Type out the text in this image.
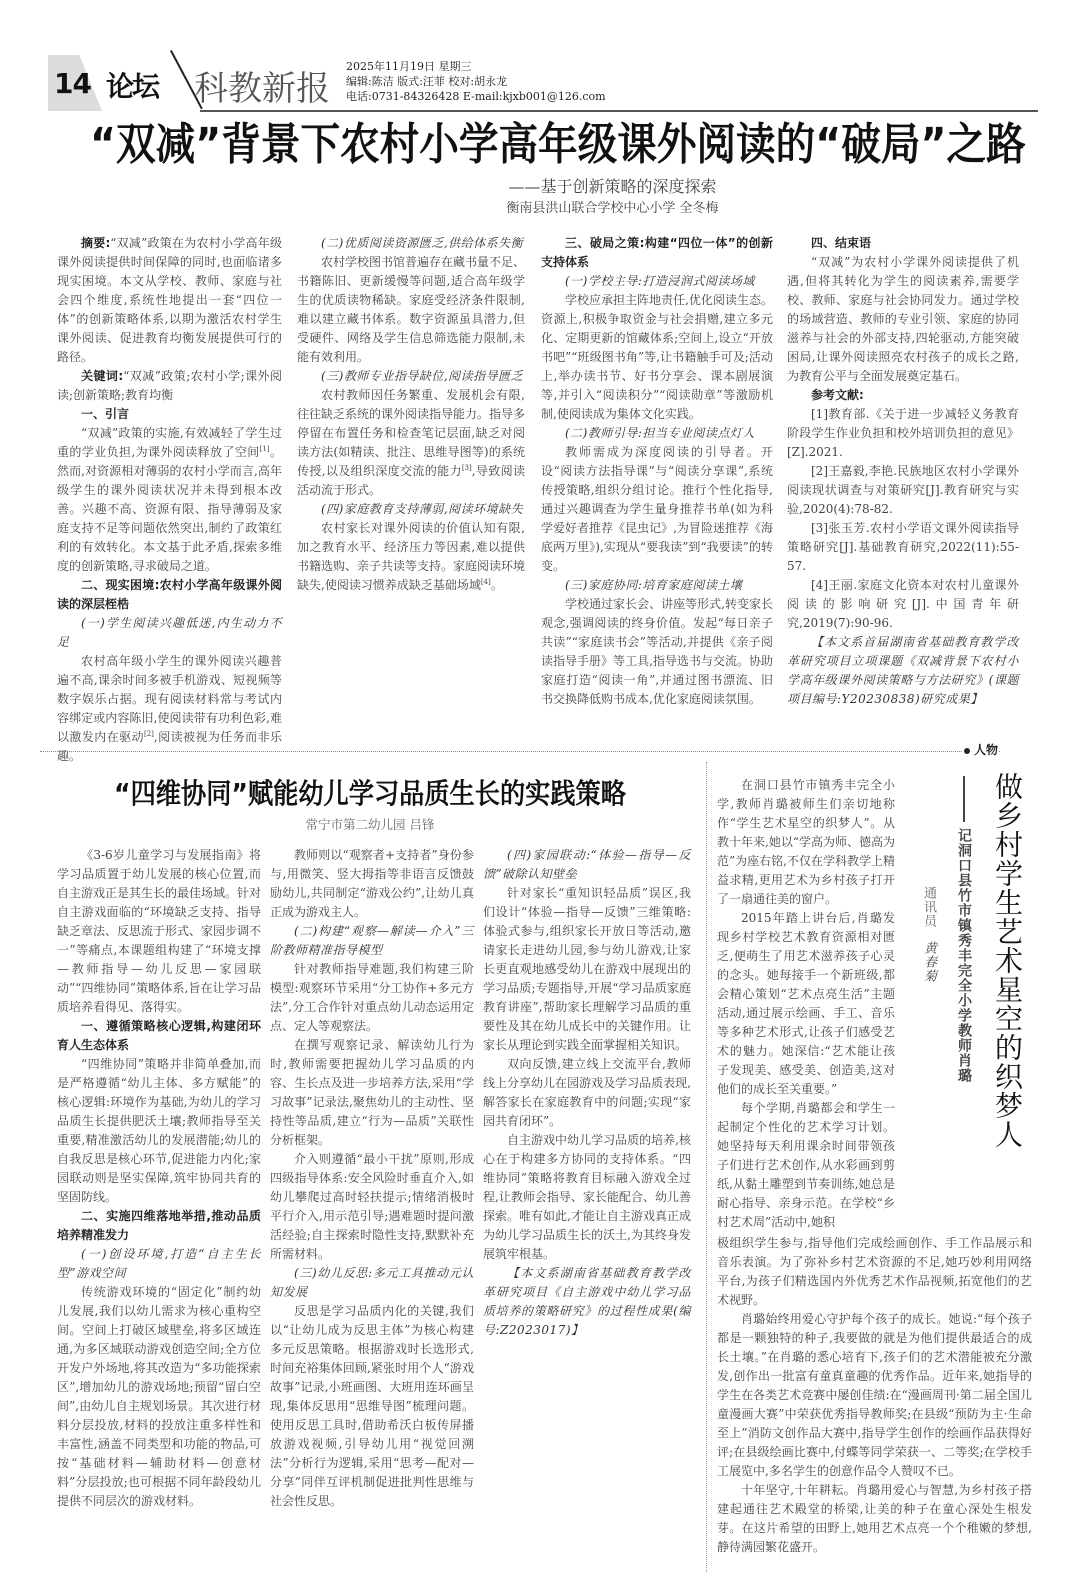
14 论坛 科教新报
2025年11月19日 星期三
编辑:陈洁 版式:汪菲 校对:胡永龙
电话:0731-84326428 E-mail:kjxb001@126.com
“双减”背景下农村小学高年级课外阅读的“破局”之路
——基于创新策略的深度探索
衡南县洪山联合学校中心小学 全冬梅

摘要:“双减”政策在为农村小学高年级课外阅读提供时间保障的同时,也面临诸多现实困境。本文从学校、教师、家庭与社会四个维度,系统性地提出一套“四位一体”的创新策略体系,以期为激活农村学生课外阅读、促进教育均衡发展提供可行的路径。

关键词:“双减”政策;农村小学;课外阅读;创新策略;教育均衡

一、引言

“双减”政策的实施,有效减轻了学生过重的学业负担,为课外阅读释放了空间[1]。然而,对资源相对薄弱的农村小学而言,高年级学生的课外阅读状况并未得到根本改善。兴趣不高、资源有限、指导薄弱及家庭支持不足等问题依然突出,制约了政策红利的有效转化。本文基于此矛盾,探索多维度的创新策略,寻求破局之道。

二、现实困境:农村小学高年级课外阅读的深层桎梏

(一)学生阅读兴趣低迷,内生动力不足

农村高年级小学生的课外阅读兴趣普遍不高,课余时间多被手机游戏、短视频等数字娱乐占据。现有阅读材料常与考试内容绑定或内容陈旧,使阅读带有功利色彩,难以激发内在驱动[2],阅读被视为任务而非乐趣。

(二)优质阅读资源匮乏,供给体系失衡

农村学校图书馆普遍存在藏书量不足、书籍陈旧、更新缓慢等问题,适合高年级学生的优质读物稀缺。家庭受经济条件限制,难以建立藏书体系。数字资源虽具潜力,但受硬件、网络及学生信息筛选能力限制,未能有效利用。

(三)教师专业指导缺位,阅读指导匮乏

农村教师因任务繁重、发展机会有限,往往缺乏系统的课外阅读指导能力。指导多停留在布置任务和检查笔记层面,缺乏对阅读方法(如精读、批注、思维导图等)的系统传授,以及组织深度交流的能力[3],导致阅读活动流于形式。

(四)家庭教育支持薄弱,阅读环境缺失

农村家长对课外阅读的价值认知有限,加之教育水平、经济压力等因素,难以提供书籍选购、亲子共读等支持。家庭阅读环境缺失,使阅读习惯养成缺乏基础场域[4]。

三、破局之策:构建“四位一体”的创新支持体系

(一)学校主导:打造浸润式阅读场域

学校应承担主阵地责任,优化阅读生态。资源上,积极争取资金与社会捐赠,建立多元化、定期更新的馆藏体系;空间上,设立“开放书吧”“班级图书角”等,让书籍触手可及;活动上,举办读书节、好书分享会、课本剧展演等,并引入“阅读积分”“阅读勋章”等激励机制,使阅读成为集体文化实践。

(二)教师引导:担当专业阅读点灯人

教师需成为深度阅读的引导者。开设“阅读方法指导课”与“阅读分享课”,系统传授策略,组织分组讨论。推行个性化指导,通过兴趣调查为学生量身推荐书单(如为科学爱好者推荐《昆虫记》,为冒险迷推荐《海底两万里》),实现从“要我读”到“我要读”的转变。

(三)家庭协同:培育家庭阅读土壤

学校通过家长会、讲座等形式,转变家长观念,强调阅读的终身价值。发起“每日亲子共读”“家庭读书会”等活动,并提供《亲子阅读指导手册》等工具,指导选书与交流。协助家庭打造“阅读一角”,并通过图书漂流、旧书交换降低购书成本,优化家庭阅读氛围。

四、结束语

“双减”为农村小学课外阅读提供了机遇,但将其转化为学生的阅读素养,需要学校、教师、家庭与社会协同发力。通过学校的场域营造、教师的专业引领、家庭的协同滋养与社会的外部支持,四轮驱动,方能突破困局,让课外阅读照亮农村孩子的成长之路,为教育公平与全面发展奠定基石。

参考文献:

[1]教育部.《关于进一步减轻义务教育阶段学生作业负担和校外培训负担的意见》[Z].2021.

[2]王嘉毅,李艳.民族地区农村小学课外阅读现状调查与对策研究[J].教育研究与实验,2020(4):78-82.

[3]张玉芳.农村小学语文课外阅读指导策略研究[J].基础教育研究,2022(11):55-57.

[4]王丽.家庭文化资本对农村儿童课外阅读的影响研究[J].中国青年研究,2019(7):90-96.

【本文系首届湖南省基础教育教学改革研究项目立项课题《双减背景下农村小学高年级课外阅读策略与方法研究》(课题项目编号:Y20230838)研究成果】

人物
“四维协同”赋能幼儿学习品质生长的实践策略
常宁市第二幼儿园 吕锋

《3-6岁儿童学习与发展指南》将学习品质置于幼儿发展的核心位置,而自主游戏正是其生长的最佳场域。针对自主游戏面临的“环境缺乏支持、指导缺乏章法、反思流于形式、家园步调不一”等痛点,本课题组构建了“环境支撑—教师指导—幼儿反思—家园联动”“四维协同”策略体系,旨在让学习品质培养看得见、落得实。

一、遵循策略核心逻辑,构建闭环育人生态体系

“四维协同”策略并非简单叠加,而是严格遵循“幼儿主体、多方赋能”的核心逻辑:环境作为基础,为幼儿的学习品质生长提供肥沃土壤;教师指导至关重要,精准激活幼儿的发展潜能;幼儿的自我反思是核心环节,促进能力内化;家园联动则是坚实保障,筑牢协同共育的坚固防线。

二、实施四维落地举措,推动品质培养精准发力

(一)创设环境,打造“自主生长型”游戏空间

传统游戏环境的“固定化”制约幼儿发展,我们以幼儿需求为核心重构空间。空间上打破区域壁垒,将多区域连通,为多区域联动游戏创造空间;全方位开发户外场地,将其改造为“多功能探索区”,增加幼儿的游戏场地;预留“留白空间”,由幼儿自主规划场景。其次进行材料分层投放,材料的投放注重多样性和丰富性,涵盖不同类型和功能的物品,可按“基础材料—辅助材料—创意材料”分层投放;也可根据不同年龄段幼儿提供不同层次的游戏材料。

教师则以“观察者+支持者”身份参与,用微笑、竖大拇指等非语言反馈鼓励幼儿,共同制定“游戏公约”,让幼儿真正成为游戏主人。

(二)构建“观察—解读—介入”三阶教师精准指导模型

针对教师指导难题,我们构建三阶模型:观察环节采用“分工协作+多元方法”,分工合作针对重点幼儿动态运用定点、定人等观察法。

在撰写观察记录、解读幼儿行为时,教师需要把握幼儿学习品质的内容、生长点及进一步培养方法,采用“学习故事”记录法,聚焦幼儿的主动性、坚持性等品质,建立“行为—品质”关联性分析框架。

介入则遵循“最小干扰”原则,形成四级指导体系:安全风险时垂直介入,如幼儿攀爬过高时轻扶提示;情绪消极时平行介入,用示范引导;遇难题时提问激活经验;自主探索时隐性支持,默默补充所需材料。

(三)幼儿反思:多元工具推动元认知发展

反思是学习品质内化的关键,我们以“让幼儿成为反思主体”为核心构建多元反思策略。根据游戏时长选形式,时间充裕集体回顾,紧张时用个人“游戏故事”记录,小班画图、大班用连环画呈现,集体反思用“思维导图”梳理问题。使用反思工具时,借助希沃白板传屏播放游戏视频,引导幼儿用“视觉回溯法”分析行为逻辑,采用“思考—配对—分享”同伴互评机制促进批判性思维与社会性反思。

(四)家园联动:“体验—指导—反馈”破除认知壁垒

针对家长“重知识轻品质”误区,我们设计“体验—指导—反馈”三维策略:体验式参与,组织家长开放日等活动,邀请家长走进幼儿园,参与幼儿游戏,让家长更直观地感受幼儿在游戏中展现出的学习品质;专题指导,开展“学习品质家庭教育讲座”,帮助家长理解学习品质的重要性及其在幼儿成长中的关键作用。让家长从理论到实践全面掌握相关知识。

双向反馈,建立线上交流平台,教师线上分享幼儿在园游戏及学习品质表现,解答家长在家庭教育中的问题;实现“家园共育闭环”。

自主游戏中幼儿学习品质的培养,核心在于构建多方协同的支持体系。“四维协同”策略将教育目标融入游戏全过程,让教师会指导、家长能配合、幼儿善探索。唯有如此,才能让自主游戏真正成为幼儿学习品质生长的沃土,为其终身发展筑牢根基。

【本文系湖南省基础教育教学改革研究项目《自主游戏中幼儿学习品质培养的策略研究》的过程性成果(编号:Z2023017)】

做乡村学生艺术星空的织梦人
记洞口县竹市镇秀丰完全小学教师肖璐
通讯员 黄春菊

在洞口县竹市镇秀丰完全小学,教师肖璐被师生们亲切地称作“学生艺术星空的织梦人”。从教十年来,她以“学高为师、德高为范”为座右铭,不仅在学科教学上精益求精,更用艺术为乡村孩子打开了一扇通往美的窗户。

2015年踏上讲台后,肖璐发现乡村学校艺术教育资源相对匮乏,便萌生了用艺术滋养孩子心灵的念头。她每接手一个新班级,都会精心策划“艺术点亮生活”主题活动,通过展示绘画、手工、音乐等多种艺术形式,让孩子们感受艺术的魅力。她深信:“艺术能让孩子发现美、感受美、创造美,这对他们的成长至关重要。”

每个学期,肖璐都会和学生一起制定个性化的艺术学习计划。她坚持每天利用课余时间带领孩子们进行艺术创作,从水彩画到剪纸,从黏土雕塑到节奏训练,她总是耐心指导、亲身示范。在学校“乡村艺术周”活动中,她积

极组织学生参与,指导他们完成绘画创作、手工作品展示和音乐表演。为了弥补乡村艺术资源的不足,她巧妙利用网络平台,为孩子们精选国内外优秀艺术作品视频,拓宽他们的艺术视野。

肖璐始终用爱心守护每个孩子的成长。她说:“每个孩子都是一颗独特的种子,我要做的就是为他们提供最适合的成长土壤。”在肖璐的悉心培育下,孩子们的艺术潜能被充分激发,创作出一批富有童真童趣的优秀作品。近年来,她指导的学生在各类艺术竞赛中屡创佳绩:在“漫画周刊·第二届全国儿童漫画大赛”中荣获优秀指导教师奖;在县级“预防为主·生命至上”消防文创作品大赛中,指导学生创作的绘画作品获得好评;在县级绘画比赛中,付蝶等同学荣获一、二等奖;在学校手工展览中,多名学生的创意作品令人赞叹不已。

十年坚守,十年耕耘。肖璐用爱心与智慧,为乡村孩子搭建起通往艺术殿堂的桥梁,让美的种子在童心深处生根发芽。在这片希望的田野上,她用艺术点亮一个个稚嫩的梦想,静待满园繁花盛开。
